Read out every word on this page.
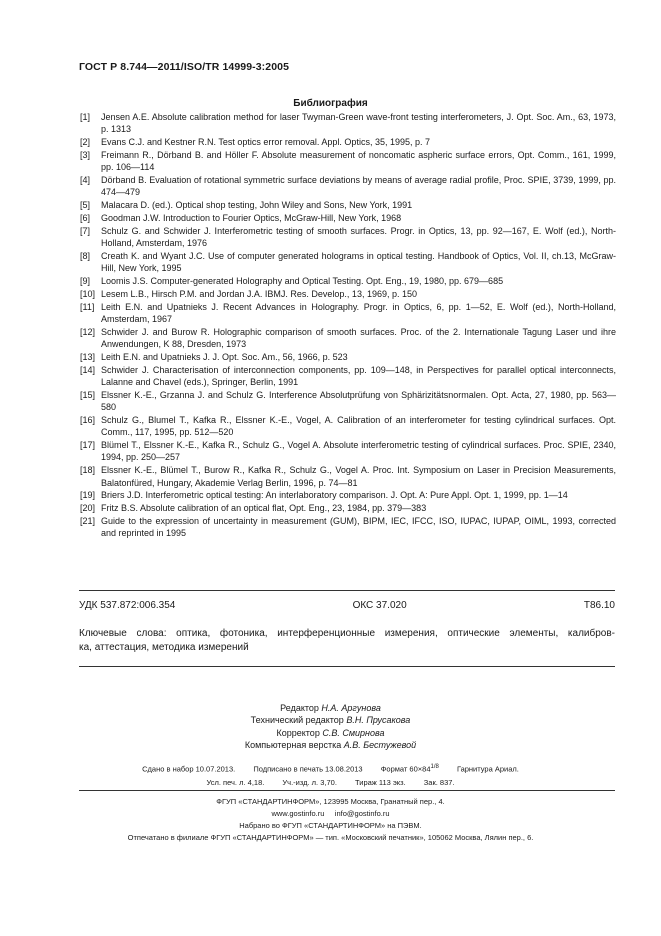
ГОСТ Р 8.744—2011/ISO/TR 14999-3:2005
Библиография
[1]	Jensen A.E. Absolute calibration method for laser Twyman-Green wave-front testing interferometers, J. Opt. Soc. Am., 63, 1973, p. 1313
[2]	Evans C.J. and Kestner R.N. Test optics error removal. Appl. Optics, 35, 1995, p. 7
[3]	Freimann R., Dörband B. and Höller F. Absolute measurement of noncomatic aspheric surface errors, Opt. Comm., 161, 1999, pp. 106—114
[4]	Dörband B. Evaluation of rotational symmetric surface deviations by means of average radial profile, Proc. SPIE, 3739, 1999, pp. 474—479
[5]	Malacara D. (ed.). Optical shop testing, John Wiley and Sons, New York, 1991
[6]	Goodman J.W. Introduction to Fourier Optics, McGraw-Hill, New York, 1968
[7]	Schulz G. and Schwider J. Interferometric testing of smooth surfaces. Progr. in Optics, 13, pp. 92—167, E. Wolf (ed.), North-Holland, Amsterdam, 1976
[8]	Creath K. and Wyant J.C. Use of computer generated holograms in optical testing. Handbook of Optics, Vol. II, ch.13, McGraw-Hill, New York, 1995
[9]	Loomis J.S. Computer-generated Holography and Optical Testing. Opt. Eng., 19, 1980, pp. 679—685
[10] Lesem L.B., Hirsch P.M. and Jordan J.A. IBMJ. Res. Develop., 13, 1969, p. 150
[11] Leith E.N. and Upatnieks J. Recent Advances in Holography. Progr. in Optics, 6, pp. 1—52, E. Wolf (ed.), North-Holland, Amsterdam, 1967
[12] Schwider J. and Burow R. Holographic comparison of smooth surfaces. Proc. of the 2. Internationale Tagung Laser und ihre Anwendungen, K 88, Dresden, 1973
[13] Leith E.N. and Upatnieks J. J. Opt. Soc. Am., 56, 1966, p. 523
[14] Schwider J. Characterisation of interconnection components, pp. 109—148, in Perspectives for parallel optical interconnects, Lalanne and Chavel (eds.), Springer, Berlin, 1991
[15] Elssner K.-E., Grzanna J. and Schulz G. Interference Absolutprüfung von Sphärizitätsnormalen. Opt. Acta, 27, 1980, pp. 563—580
[16] Schulz G., Blumel T., Kafka R., Elssner K.-E., Vogel, A. Calibration of an interferometer for testing cylindrical surfaces. Opt. Comm., 117, 1995, pp. 512—520
[17] Blümel T., Elssner K.-E., Kafka R., Schulz G., Vogel A. Absolute interferometric testing of cylindrical surfaces. Proc. SPIE, 2340, 1994, pp. 250—257
[18] Elssner K.-E., Blümel T., Burow R., Kafka R., Schulz G., Vogel A. Proc. Int. Symposium on Laser in Precision Measurements, Balatonfüred, Hungary, Akademie Verlag Berlin, 1996, p. 74—81
[19] Briers J.D. Interferometric optical testing: An interlaboratory comparison. J. Opt. A: Pure Appl. Opt. 1, 1999, pp. 1—14
[20] Fritz B.S. Absolute calibration of an optical flat, Opt. Eng., 23, 1984, pp. 379—383
[21] Guide to the expression of uncertainty in measurement (GUM), BIPM, IEC, IFCC, ISO, IUPAC, IUPAP, OIML, 1993, corrected and reprinted in 1995
УДК 537.872:006.354	ОКС 37.020	Т86.10
Ключевые слова: оптика, фотоника, интерференционные измерения, оптические элементы, калибров-
ка, аттестация, методика измерений
Редактор Н.А. Аргунова
Технический редактор В.Н. Прусакова
Корректор С.В. Смирнова
Компьютерная верстка А.В. Бестужевой
Сдано в набор 10.07.2013. Подписано в печать 13.08.2013 Формат $60\times 84^{1/8}$ Гарнитура Ариал.
Усл. печ. л. 4,18. Уч.-изд. л. 3,70. Тираж 113 экз. Зак. 837.
ФГУП «СТАНДАРТИНФОРМ», 123995 Москва, Гранатный пер., 4.
www.gostinfo.ru     info@gostinfo.ru
Набрано во ФГУП «СТАНДАРТИНФОРМ» на ПЭВМ.
Отпечатано в филиале ФГУП «СТАНДАРТИНФОРМ» — тип. «Московский печатник», 105062 Москва, Лялин пер., 6.
